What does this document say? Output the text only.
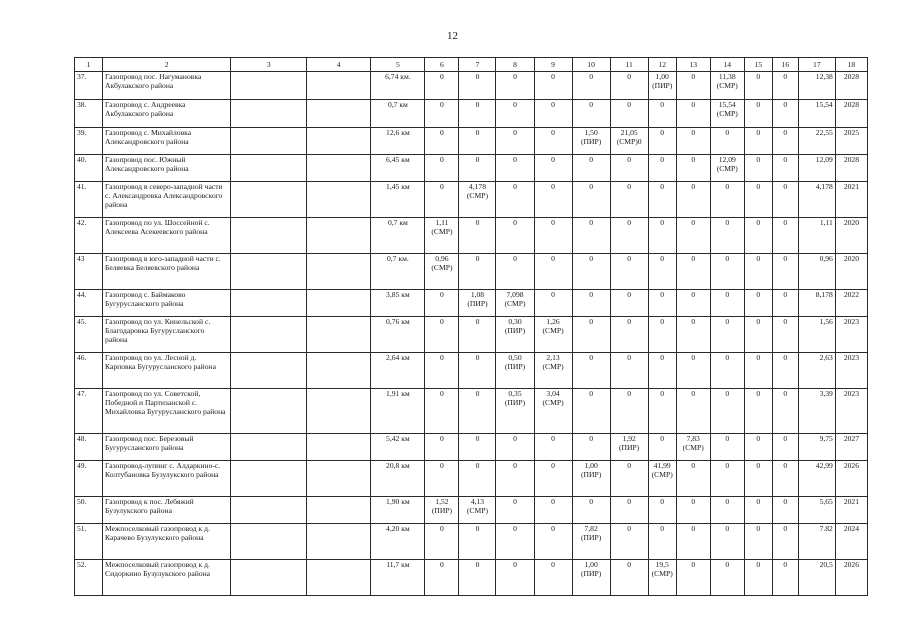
12
1	2	3	4	5	6	7	8	9	10	11	12	13	14	15	16	17	18
37.	Газопровод пос. Нагумановка Акбулакского района			6,74 км.	0	0	0	0	0	0	1,00
(ПИР)	0	11,38
(СМР)	0	0	12,38	2028
38.	Газопровод с. Андреевка Акбулакского района			0,7 км	0	0	0	0	0	0	0	0	15,54
(СМР)	0	0	15,54	2028
39.	Газопровод с. Михайловка Александровского района			12,6 км	0	0	0	0	1,50
(ПИР)	21,05
(СМР)0	0	0	0	0	0	22,55	2025
40.	Газопровод пос. Южный Александровского района			6,45 км	0	0	0	0	0	0	0	0	12,09
(СМР)	0	0	12,09	2028
41.	Газопровод в северо-западной части с. Александровка Александровского района			1,45 км	0	4,178
(СМР)	0	0	0	0	0	0	0	0	0	4,178	2021
42.	Газопровод по ул. Шоссейной с. Алексеева Асекеевского района			0,7 км	1,11
(СМР)	0	0	0	0	0	0	0	0	0	0	1,11	2020
43	Газопровод в юго-западной части с. Беляевка Беляевского района			0,7 км.	0,96
(СМР)	0	0	0	0	0	0	0	0	0	0	0,96	2020
44.	Газопровод с. Баймаково Бугурусланского района			3,85 км	0	1,08
(ПИР)	7,098
(СМР)	0	0	0	0	0	0	0	0	8,178	2022
45.	Газопровод по ул. Кинельской с. Благодаровка Бугурусланского района			0,76 км	0	0	0,30
(ПИР)	1,26
(СМР)	0	0	0	0	0	0	0	1,56	2023
46.	Газопровод по ул. Лесной д. Карповка Бугурусланского района			2,64 км	0	0	0,50
(ПИР)	2,13
(СМР)	0	0	0	0	0	0	0	2,63	2023
47.	Газопровод по ул. Советской, Победной и Партизанской с. Михайловка Бугурусланского района			1,91 км	0	0	0,35
(ПИР)	3,04
(СМР)	0	0	0	0	0	0	0	3,39	2023
48.	Газопровод пос. Березовый Бугурусланского района			5,42 км	0	0	0	0	0	1,92
(ПИР)	0	7,83
(СМР)	0	0	0	9,75	2027
49.	Газопровод-лупинг с. Алдаркино-с. Колтубановка Бузулукского района			20,8 км	0	0	0	0	1,00
(ПИР)	0	41,99
(СМР)	0	0	0	0	42,99	2026
50.	Газопровод к пос. Лебяжий Бузулукского района			1,90 км	1,52
(ПИР)	4,13
(СМР)	0	0	0	0	0	0	0	0	0	5,65	2021
51.	Межпоселковый газопровод к д. Карачево Бузулукского района			4,20 км	0	0	0	0	7,82
(ПИР)	0	0	0	0	0	0	7.82	2024
52.	Межпоселковый газопровод к д. Сидоркино Бузулукского района			11,7 км	0	0	0	0	1,00
(ПИР)	0	19,5
(СМР)	0	0	0	0	20,5	2026
